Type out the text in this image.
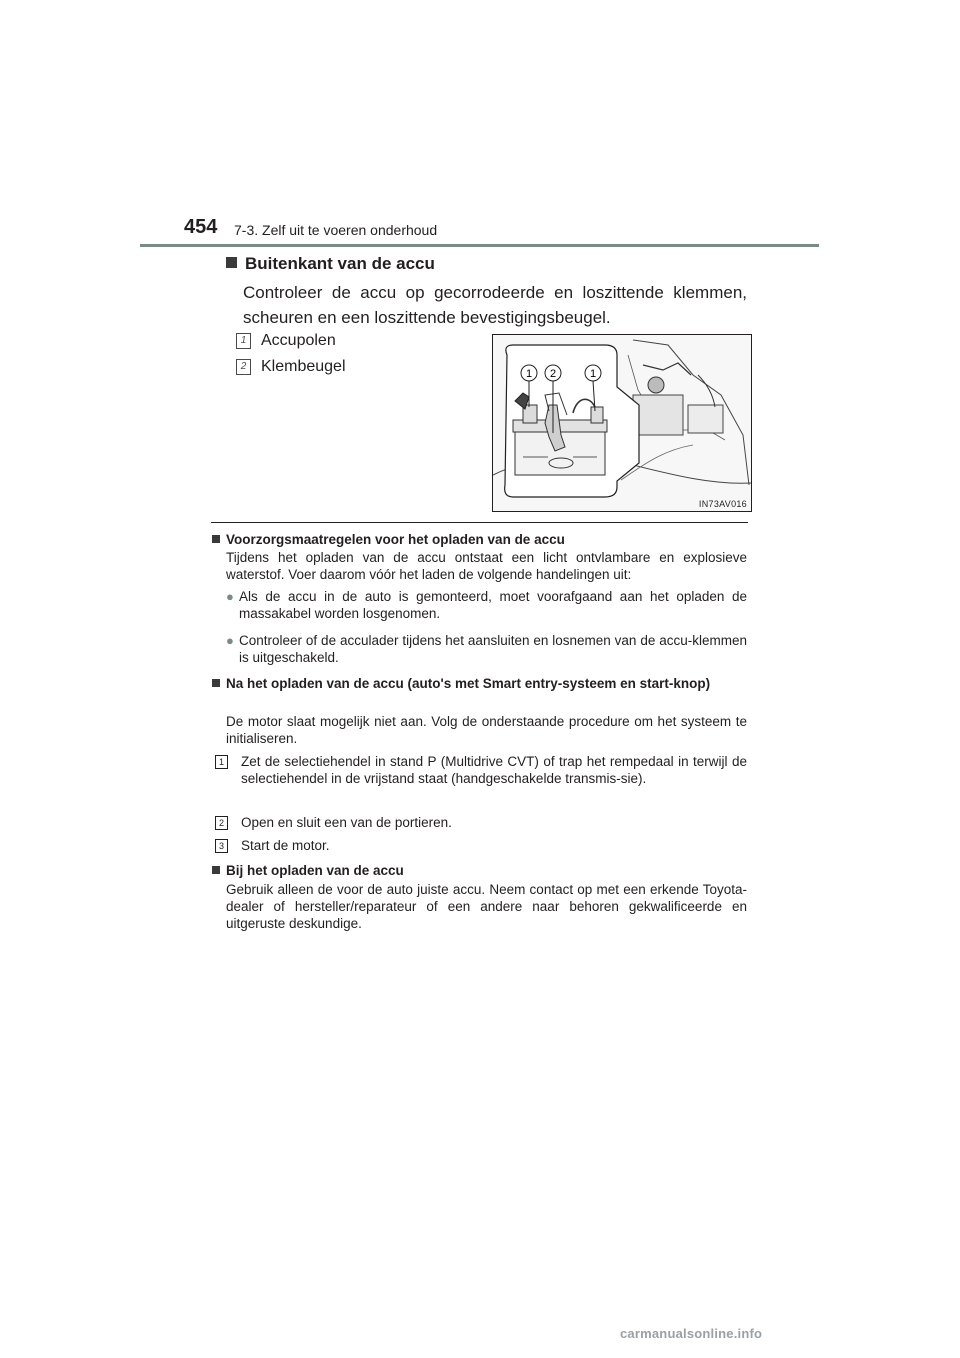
454 7-3. Zelf uit te voeren onderhoud
Buitenkant van de accu
Controleer de accu op gecorrodeerde en loszittende klemmen, scheuren en een loszittende bevestigingsbeugel.
1 Accupolen
2 Klembeugel	1 2	1
IN73AV016
Voorzorgsmaatregelen voor het opladen van de accu
Tijdens het opladen van de accu ontstaat een licht ontvlambare en explosieve waterstof. Voer daarom vóór het laden de volgende handelingen uit:
● Als de accu in de auto is gemonteerd, moet voorafgaand aan het opladen de massakabel worden losgenomen.
● Controleer of de acculader tijdens het aansluiten en losnemen van de accu-klemmen is uitgeschakeld.
Na het opladen van de accu (auto's met Smart entry-systeem en start-knop)
De motor slaat mogelijk niet aan. Volg de onderstaande procedure om het systeem te initialiseren.
1 Zet de selectiehendel in stand P (Multidrive CVT) of trap het rempedaal in terwijl de selectiehendel in de vrijstand staat (handgeschakelde transmis-sie).
2 Open en sluit een van de portieren.
3 Start de motor.
Bij het opladen van de accu
Gebruik alleen de voor de auto juiste accu. Neem contact op met een erkende Toyota-dealer of hersteller/reparateur of een andere naar behoren gekwalificeerde en uitgeruste deskundige.
carmanualsonline.info
